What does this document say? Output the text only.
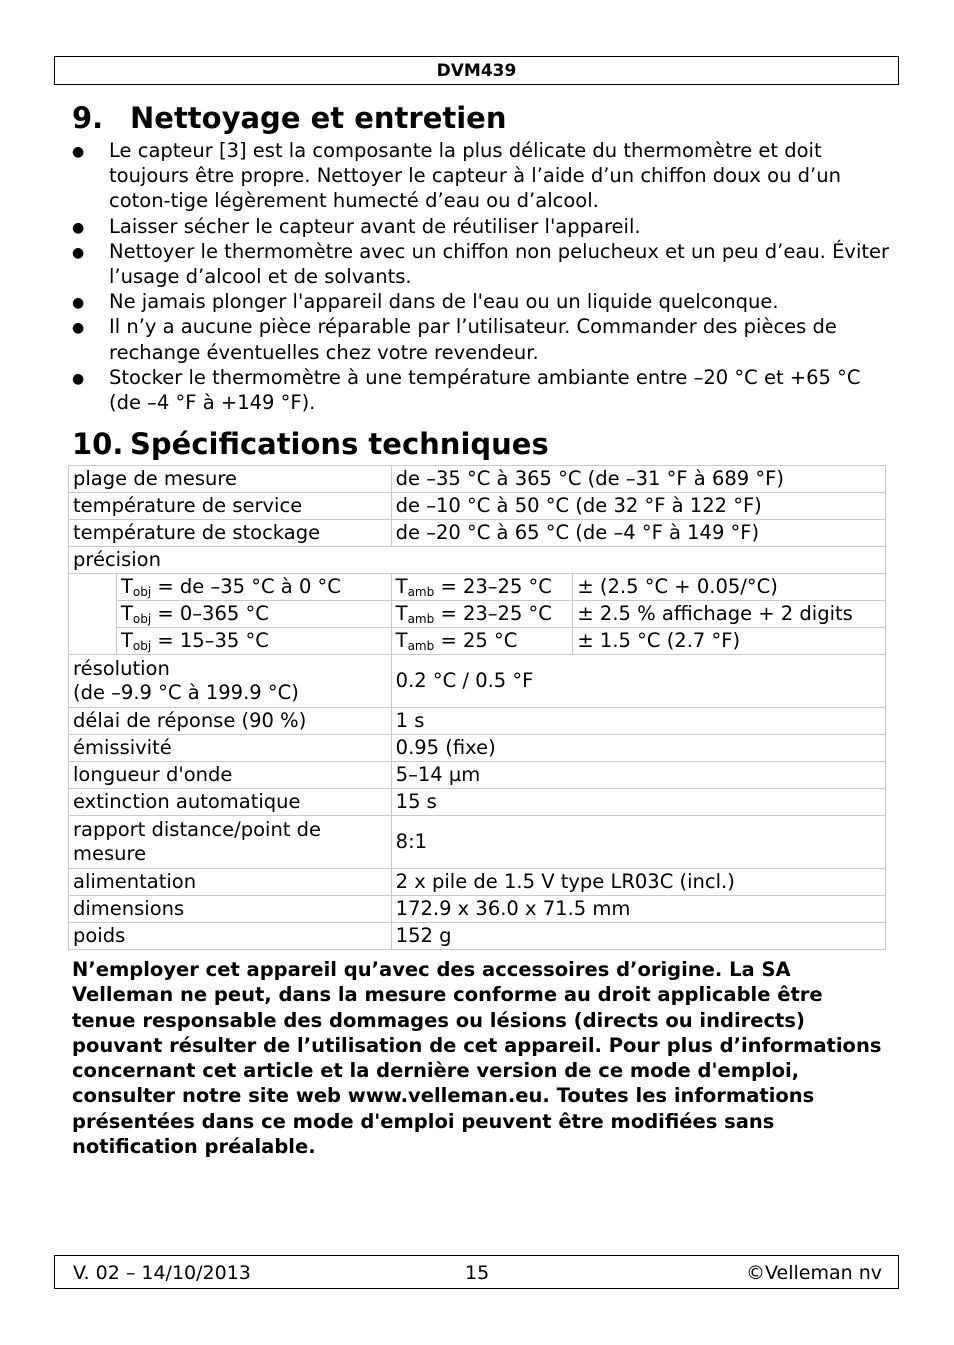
DVM439
9. Nettoyage et entretien
● Le capteur [3] est la composante la plus délicate du thermomètre et doit toujours être propre. Nettoyer le capteur à l’aide d’un chiffon doux ou d’un coton-tige légèrement humecté d’eau ou d’alcool.
● Laisser sécher le capteur avant de réutiliser l'appareil.
● Nettoyer le thermomètre avec un chiffon non pelucheux et un peu d’eau. Éviter l’usage d’alcool et de solvants.
● Ne jamais plonger l'appareil dans de l'eau ou un liquide quelconque.
● Il n’y a aucune pièce réparable par l’utilisateur. Commander des pièces de rechange éventuelles chez votre revendeur.
● Stocker le thermomètre à une température ambiante entre –20 °C et +65 °C (de –4 °F à +149 °F).
10. Spécifications techniques
plage de mesure		de –35 °C à 365 °C (de –31 °F à 689 °F)	
température de service		de –10 °C à 50 °C (de 32 °F à 122 °F)	
température de stockage		de –20 °C à 65 °C (de –4 °F à 149 °F)	
précision			
	$T_{obj}$ = de –35 °C à 0 °C	$T_{amb} = 23-25$ °C	± (2.5 °C + 0.05/°C)
	$T_{obj} = 0-365$ °C	$T_{amb} = 23-25$ °C	± 2.5 % affichage + 2 digits
	$T_{obj} = 15-35$ °C	$T_{amb} = 25$ °C	± 1.5 °C (2.7 °F)
résolution
(de –9.9 °C à 199.9 °C)		0.2 °C / 0.5 °F	
délai de réponse (90 %)		1 s	
émissivité		0.95 (fixe)	
longueur d'onde		5–14 µm	
extinction automatique		15 s	
rapport distance/point de
mesure		8:1	
alimentation		2 x pile de 1.5 V type LR03C (incl.)	
dimensions		172.9 x 36.0 x 71.5 mm	
poids		152 g	
N’employer cet appareil qu’avec des accessoires d’origine. La SA Velleman ne peut, dans la mesure conforme au droit applicable être tenue responsable des dommages ou lésions (directs ou indirects) pouvant résulter de l’utilisation de cet appareil. Pour plus d’informations concernant cet article et la dernière version de ce mode d'emploi, consulter notre site web www.velleman.eu. Toutes les informations présentées dans ce mode d'emploi peuvent être modifiées sans notification préalable.
V. 02 – 14/10/2013	15	©Velleman nv
